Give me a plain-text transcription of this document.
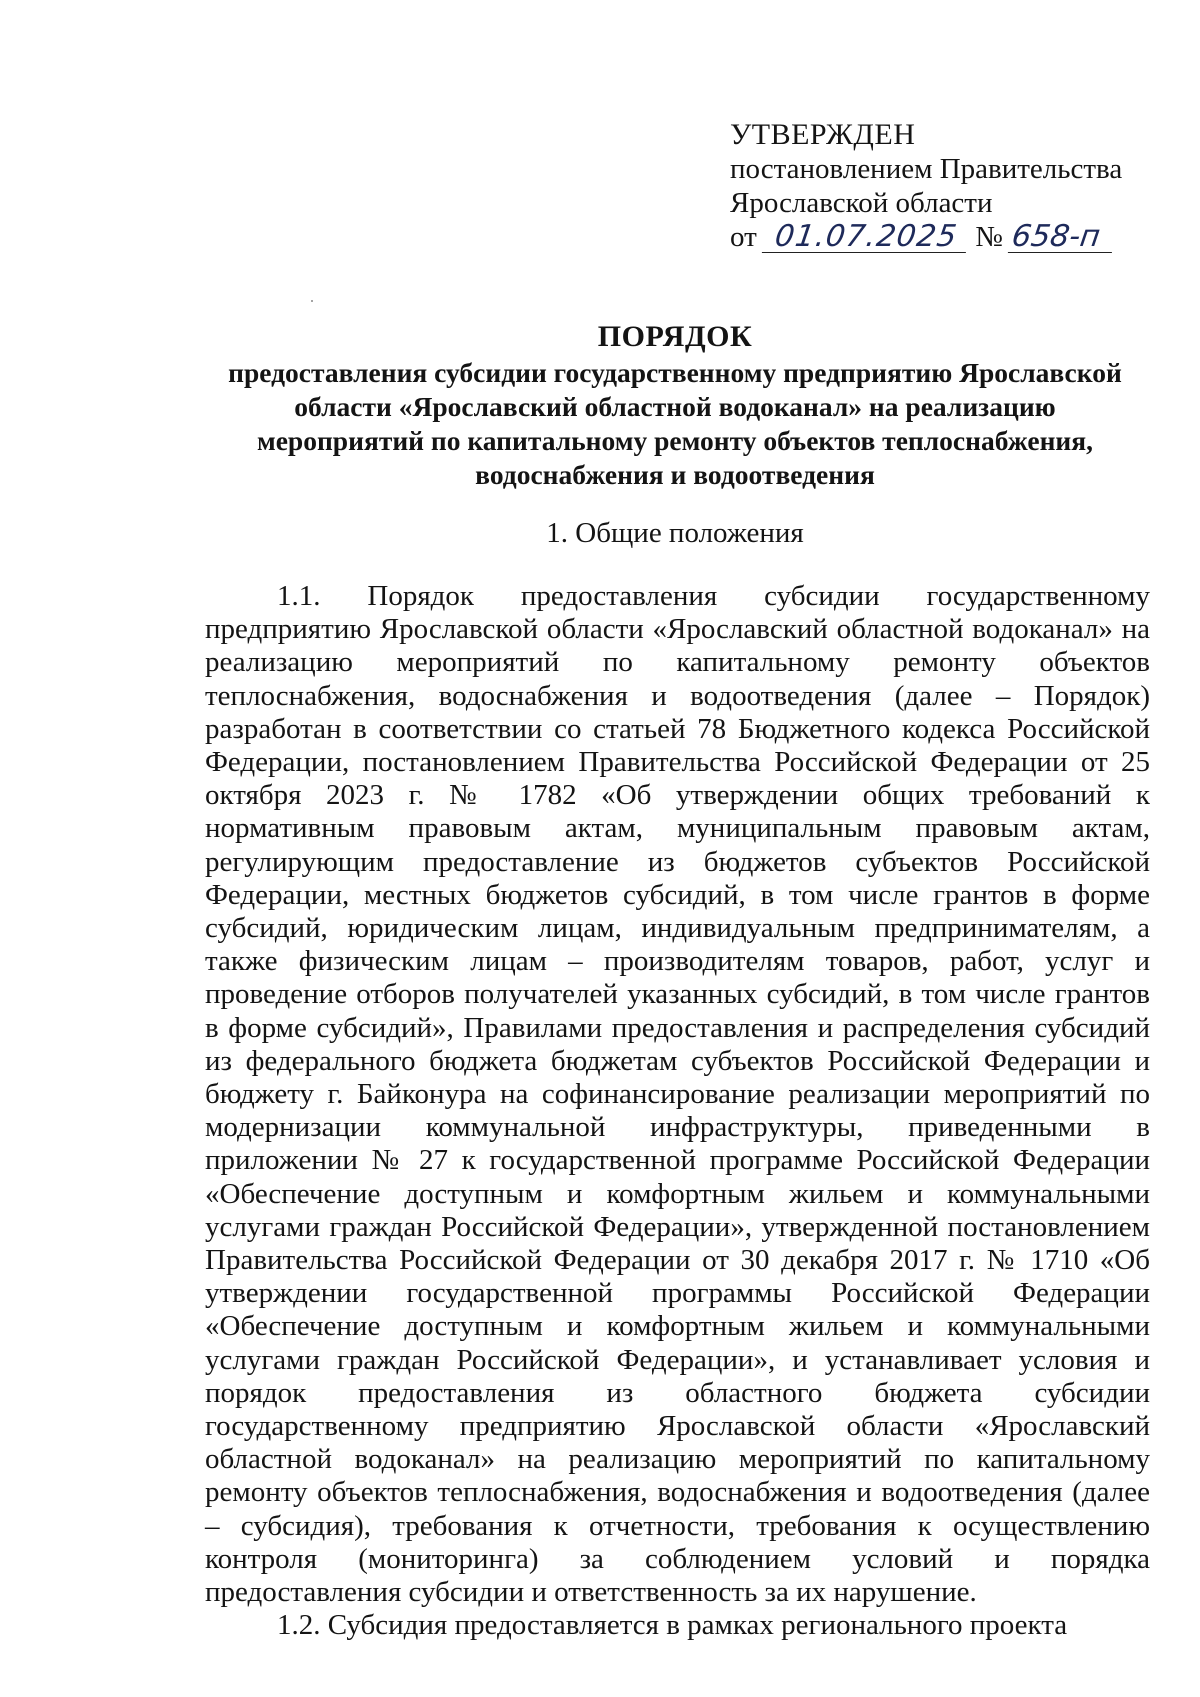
УТВЕРЖДЕН
постановлением Правительства
Ярославской области
от 01.07.2025 № 658-п
ПОРЯДОК
предоставления субсидии государственному предприятию Ярославской
области «Ярославский областной водоканал» на реализацию
мероприятий по капитальному ремонту объектов теплоснабжения,
водоснабжения и водоотведения
1. Общие положения

1.1. Порядок предоставления субсидии государственному предприятию Ярославской области «Ярославский областной водоканал» на реализацию мероприятий по капитальному ремонту объектов теплоснабжения, водоснабжения и водоотведения (далее – Порядок) разработан в соответствии со статьей 78 Бюджетного кодекса Российской Федерации, постановлением Правительства Российской Федерации от 25 октября 2023 г. № 1782 «Об утверждении общих требований к нормативным правовым актам, муниципальным правовым актам, регулирующим предоставление из бюджетов субъектов Российской Федерации, местных бюджетов субсидий, в том числе грантов в форме субсидий, юридическим лицам, индивидуальным предпринимателям, а также физическим лицам – производителям товаров, работ, услуг и проведение отборов получателей указанных субсидий, в том числе грантов в форме субсидий», Правилами предоставления и распределения субсидий из федерального бюджета бюджетам субъектов Российской Федерации и бюджету г. Байконура на софинансирование реализации мероприятий по модернизации коммунальной инфраструктуры, приведенными в приложении № 27 к государственной программе Российской Федерации «Обеспечение доступным и комфортным жильем и коммунальными услугами граждан Российской Федерации», утвержденной постановлением Правительства Российской Федерации от 30 декабря 2017 г. № 1710 «Об утверждении государственной программы Российской Федерации «Обеспечение доступным и комфортным жильем и коммунальными услугами граждан Российской Федерации», и устанавливает условия и порядок предоставления из областного бюджета субсидии государственному предприятию Ярославской области «Ярославский областной водоканал» на реализацию мероприятий по капитальному ремонту объектов теплоснабжения, водоснабжения и водоотведения (далее – субсидия), требования к отчетности, требования к осуществлению контроля (мониторинга) за соблюдением условий и порядка предоставления субсидии и ответственность за их нарушение.

1.2. Субсидия предоставляется в рамках регионального проекта
